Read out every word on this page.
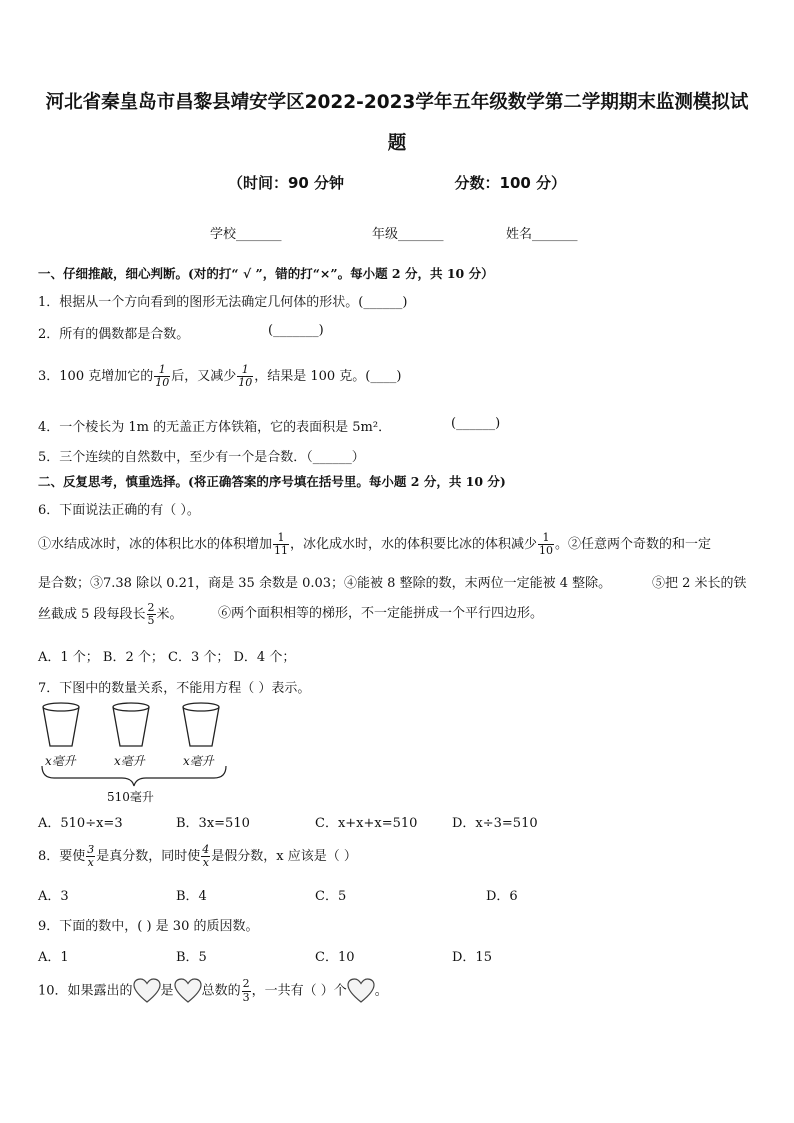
河北省秦皇岛市昌黎县靖安学区2022-2023学年五年级数学第二学期期末监测模拟试
题
（时间：90 分钟	分数：100 分）
学校_______	年级_______	姓名_______
一、仔细推敲，细心判断。(对的打“ √ ”，错的打“×”。每小题 2 分，共 10 分）
1．根据从一个方向看到的图形无法确定几何体的形状。(______)
2．所有的偶数都是合数。	(_______)
3．100 克增加它的 $\frac{1}{10}$ 后，又减少 $\frac{1}{10}$ ，结果是 100 克。(____)
4．一个棱长为 1m 的无盖正方体铁箱，它的表面积是 5m²．	(______)
5．三个连续的自然数中，至少有一个是合数．（______）
二、反复思考，慎重选择。(将正确答案的序号填在括号里。每小题 2 分，共 10 分)
6．下面说法正确的有（ ）。
①水结成冰时，冰的体积比水的体积增加 $\frac{1}{11}$ ，冰化成水时，水的体积要比冰的体积减少 $\frac{1}{10}$ 。②任意两个奇数的和一定
是合数；③7.38 除以 0.21，商是 35 余数是 0.03；④能被 8 整除的数，末两位一定能被 4 整除。	⑤把 2 米长的铁
丝截成 5 段每段长 $\frac{2}{5}$ 米。	⑥两个面积相等的梯形，不一定能拼成一个平行四边形。
A．1 个； B．2 个； C．3 个； D．4 个；
7．下图中的数量关系，不能用方程（ ）表示。
x毫升	x毫升	x毫升
510毫升
A．510÷x=3	B．3x=510	C．x+x+x=510	D．x÷3=510
8．要使 $\frac{3}{x}$ 是真分数，同时使 $\frac{4}{x}$ 是假分数，x 应该是（ ）
A．3	B．4	C．5	D．6
9．下面的数中，( ) 是 30 的质因数。
A．1	B．5	C．10	D．15
10．如果露出的 是 总数的 $\frac{2}{3}$ ，一共有（ ）个 。
